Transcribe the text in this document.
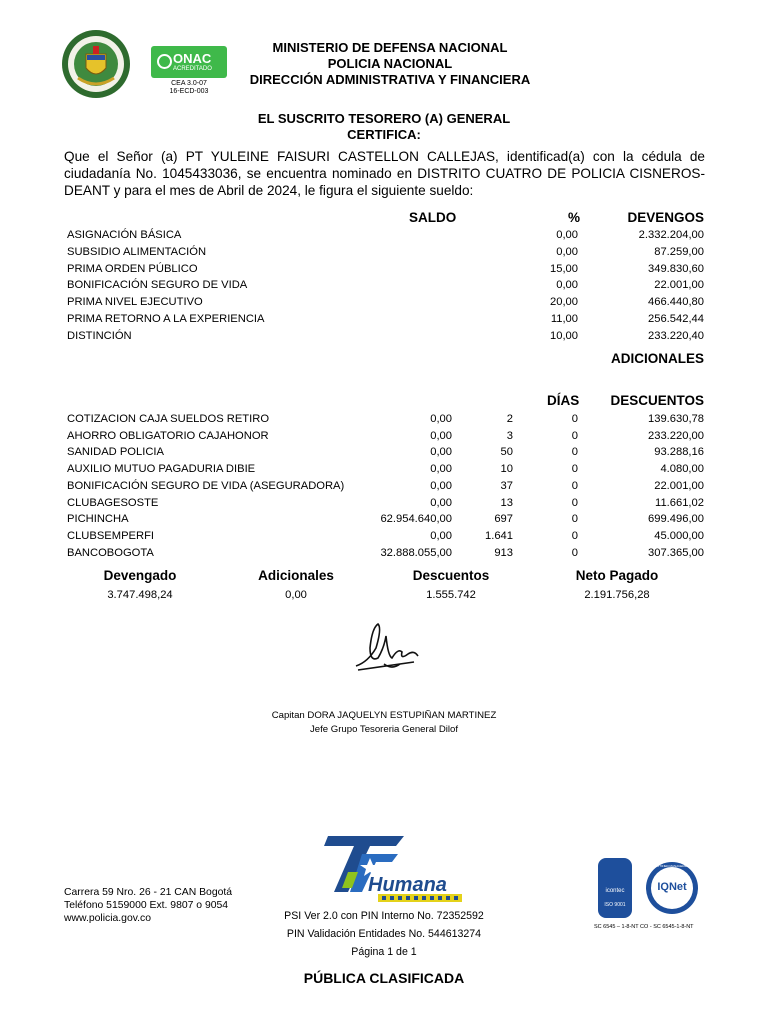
ONAC
ACREDITADO
CEA 3.0-07
16-ECD-003
MINISTERIO DE DEFENSA NACIONAL
POLICIA NACIONAL
DIRECCIÓN ADMINISTRATIVA Y FINANCIERA
EL SUSCRITO TESORERO (A) GENERAL
CERTIFICA:
Que el Señor (a) PT YULEINE FAISURI CASTELLON CALLEJAS, identificad(a) con la cédula de ciudadanía No. 1045433036, se encuentra nominado en DISTRITO CUATRO DE POLICIA CISNEROS-DEANT y para el mes de Abril de 2024, le figura el siguiente sueldo:
SALDO	%	DEVENGOS
ASIGNACIÓN BÁSICA	0,00	2.332.204,00
SUBSIDIO ALIMENTACIÓN	0,00	87.259,00
PRIMA ORDEN PÚBLICO	15,00	349.830,60
BONIFICACIÓN SEGURO DE VIDA	0,00	22.001,00
PRIMA NIVEL EJECUTIVO	20,00	466.440,80
PRIMA RETORNO A LA EXPERIENCIA	11,00	256.542,44
DISTINCIÓN	10,00	233.220,40
ADICIONALES
DÍAS DESCUENTOS
COTIZACION CAJA SUELDOS RETIRO	0,00	2	0	139.630,78
AHORRO OBLIGATORIO CAJAHONOR	0,00	3	0	233.220,00
SANIDAD POLICIA	0,00	50	0	93.288,16
AUXILIO MUTUO PAGADURIA DIBIE	0,00	10	0	4.080,00
BONIFICACIÓN SEGURO DE VIDA (ASEGURADORA)	0,00	37	0	22.001,00
CLUBAGESOSTE	0,00	13	0	11.661,02
PICHINCHA	62.954.640,00	697	0	699.496,00
CLUBSEMPERFI	0,00	1.641	0	45.000,00
BANCOBOGOTA	32.888.055,00	913	0	307.365,00
Devengado	Adicionales	Descuentos	Neto Pagado
3.747.498,24	0,00	1.555.742	2.191.756,28
Capitan DORA JAQUELYN ESTUPIÑAN MARTINEZ
Jefe Grupo Tesoreria General Dilof
Humana
Carrera 59 Nro. 26 - 21 CAN Bogotá
Teléfono 5159000 Ext. 9807 o 9054
www.policia.gov.co	PSI Ver 2.0 con PIN Interno No. 72352592
PIN Validación Entidades No. 544613274
Página 1 de 1
icontec
ISO 9001
CERTIFIED MANAGEMENT SYSTEM
IQNet
SC 6545 – 1-8-NT CO - SC 6545-1-8-NT
PÚBLICA CLASIFICADA
